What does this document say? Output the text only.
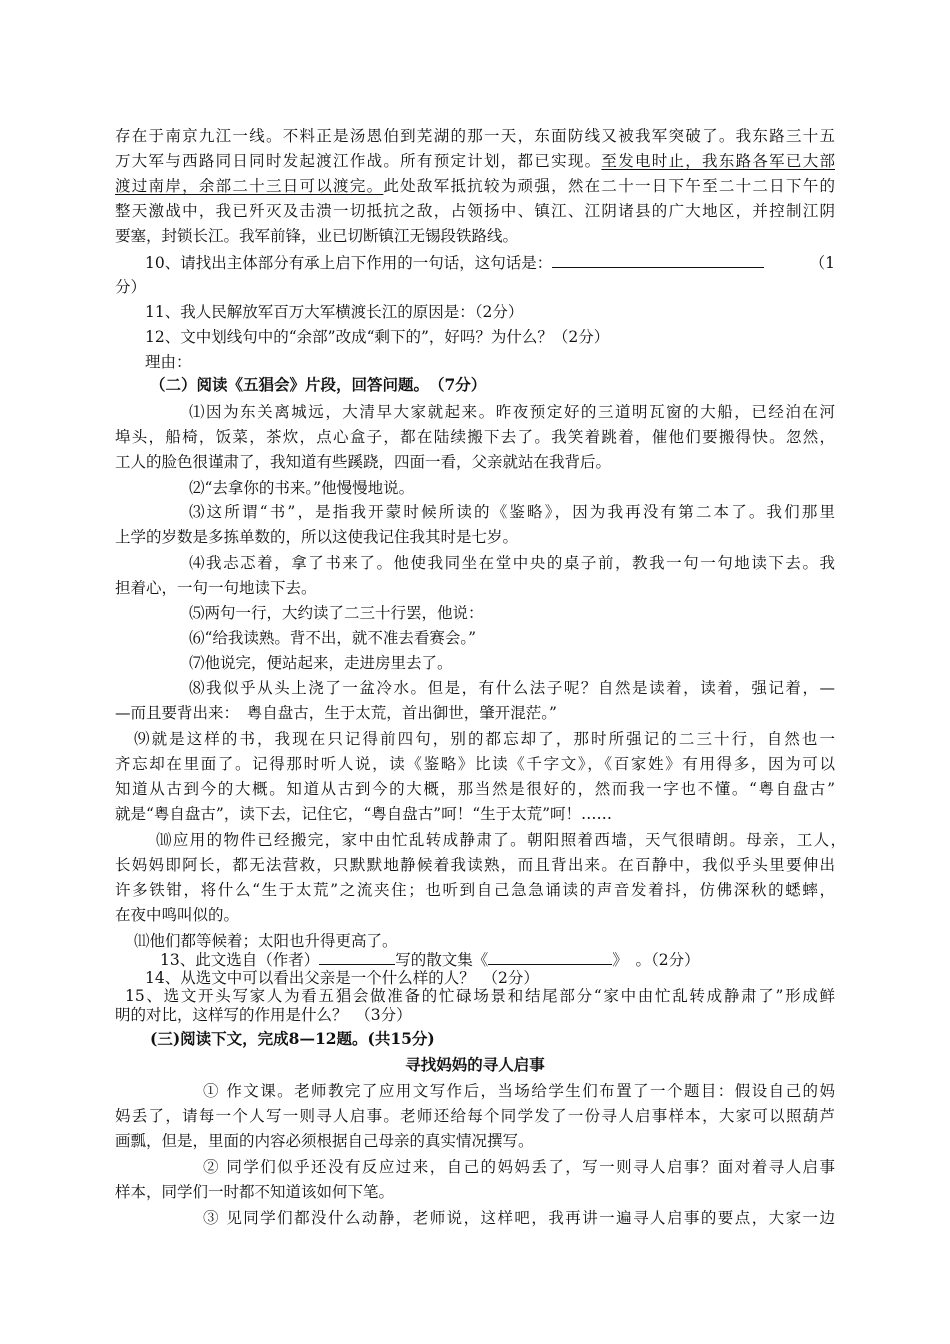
存在于南京九江一线。不料正是汤恩伯到芜湖的那一天，东面防线又被我军突破了。我东路三十五
万大军与西路同日同时发起渡江作战。所有预定计划，都已实现。至发电时止，我东路各军已大部
渡过南岸，余部二十三日可以渡完。此处敌军抵抗较为顽强，然在二十一日下午至二十二日下午的
整天激战中，我已歼灭及击溃一切抵抗之敌，占领扬中、镇江、江阴诸县的广大地区，并控制江阴
要塞，封锁长江。我军前锋，业已切断镇江无锡段铁路线。
10、请找出主体部分有承上启下作用的一句话，这句话是：	（1
分）
11、我人民解放军百万大军横渡长江的原因是：（2分）
12、文中划线句中的“余部”改成“剩下的”，好吗？为什么？（2分）
理由：
（二）阅读《五猖会》片段，回答问题。　（7分）
⑴因为东关离城远，大清早大家就起来。昨夜预定好的三道明瓦窗的大船，已经泊在河
埠头，船椅，饭菜，茶炊，点心盒子，都在陆续搬下去了。我笑着跳着，催他们要搬得快。忽然，
工人的脸色很谨肃了，我知道有些蹊跷，四面一看，父亲就站在我背后。
⑵“去拿你的书来。”他慢慢地说。
⑶这所谓“书”，是指我开蒙时候所读的《鉴略》，因为我再没有第二本了。我们那里
上学的岁数是多拣单数的，所以这使我记住我其时是七岁。
⑷我忐忑着，拿了书来了。他使我同坐在堂中央的桌子前，教我一句一句地读下去。我
担着心，一句一句地读下去。
⑸两句一行，大约读了二三十行罢，他说：
⑹“给我读熟。背不出，就不准去看赛会。”
⑺他说完，便站起来，走进房里去了。
⑻我似乎从头上浇了一盆冷水。但是，有什么法子呢？自然是读着，读着，强记着，—
—而且要背出来：　粤自盘古，生于太荒，首出御世，肇开混茫。”
⑼就是这样的书，我现在只记得前四句，别的都忘却了，那时所强记的二三十行，自然也一
齐忘却在里面了。记得那时听人说，读《鉴略》比读《千字文》，《百家姓》有用得多，因为可以
知道从古到今的大概。知道从古到今的大概，那当然是很好的，然而我一字也不懂。“粤自盘古”
就是“粤自盘古”，读下去，记住它，“粤自盘古”呵！“生于太荒”呵！……
⑽应用的物件已经搬完，家中由忙乱转成静肃了。朝阳照着西墙，天气很晴朗。母亲，工人，
长妈妈即阿长，都无法营救，只默默地静候着我读熟，而且背出来。在百静中，我似乎头里要伸出
许多铁钳，将什么“生于太荒”之流夹住；也听到自己急急诵读的声音发着抖，仿佛深秋的蟋蟀，
在夜中鸣叫似的。
⑾他们都等候着；太阳也升得更高了。
13、此文选自（作者）	写的散文集《	》　。（2分）
14、从选文中可以看出父亲是一个什么样的人？　（2分）
15、选文开头写家人为看五猖会做准备的忙碌场景和结尾部分“家中由忙乱转成静肃了”形成鲜
明的对比，这样写的作用是什么？　（3分）
(三)阅读下文，完成8—12题。(共15分)
寻找妈妈的寻人启事
① 作文课。老师教完了应用文写作后，当场给学生们布置了一个题目：假设自己的妈
妈丢了，请每一个人写一则寻人启事。老师还给每个同学发了一份寻人启事样本，大家可以照葫芦
画瓢，但是，里面的内容必须根据自己母亲的真实情况撰写。
② 同学们似乎还没有反应过来，自己的妈妈丢了，写一则寻人启事？面对着寻人启事
样本，同学们一时都不知道该如何下笔。
③ 见同学们都没什么动静，老师说，这样吧，我再讲一遍寻人启事的要点，大家一边
